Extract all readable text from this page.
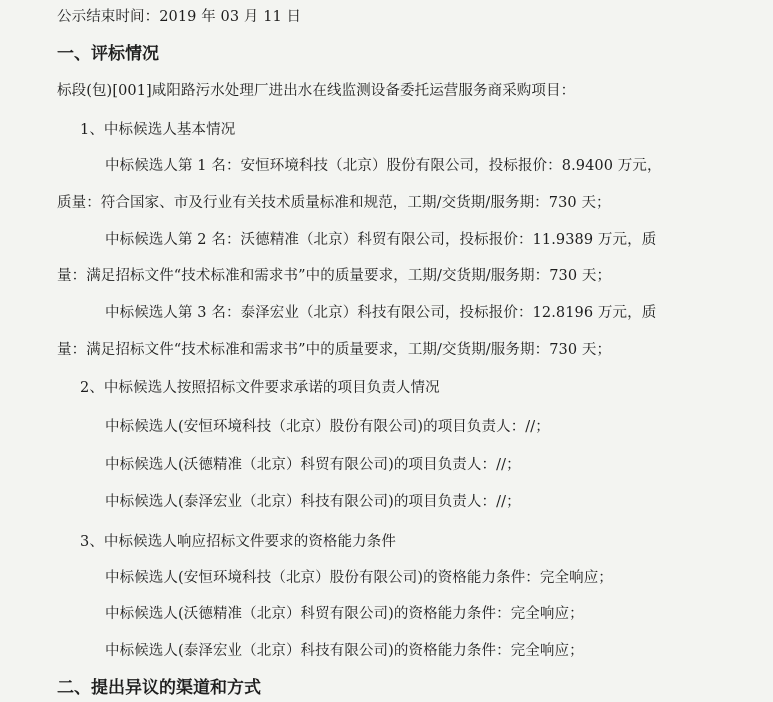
公示结束时间：2019 年 03 月 11 日
一、评标情况
标段(包)[001]咸阳路污水处理厂进出水在线监测设备委托运营服务商采购项目：
1、中标候选人基本情况
中标候选人第 1 名：安恒环境科技（北京）股份有限公司，投标报价：8.9400 万元，
质量：符合国家、市及行业有关技术质量标准和规范，工期/交货期/服务期：730 天；
中标候选人第 2 名：沃德精准（北京）科贸有限公司，投标报价：11.9389 万元，质
量：满足招标文件“技术标准和需求书”中的质量要求，工期/交货期/服务期：730 天；
中标候选人第 3 名：泰泽宏业（北京）科技有限公司，投标报价：12.8196 万元，质
量：满足招标文件“技术标准和需求书”中的质量要求，工期/交货期/服务期：730 天；
2、中标候选人按照招标文件要求承诺的项目负责人情况
中标候选人(安恒环境科技（北京）股份有限公司)的项目负责人：//；
中标候选人(沃德精准（北京）科贸有限公司)的项目负责人：//；
中标候选人(泰泽宏业（北京）科技有限公司)的项目负责人：//；
3、中标候选人响应招标文件要求的资格能力条件
中标候选人(安恒环境科技（北京）股份有限公司)的资格能力条件：完全响应；
中标候选人(沃德精准（北京）科贸有限公司)的资格能力条件：完全响应；
中标候选人(泰泽宏业（北京）科技有限公司)的资格能力条件：完全响应；
二、提出异议的渠道和方式
